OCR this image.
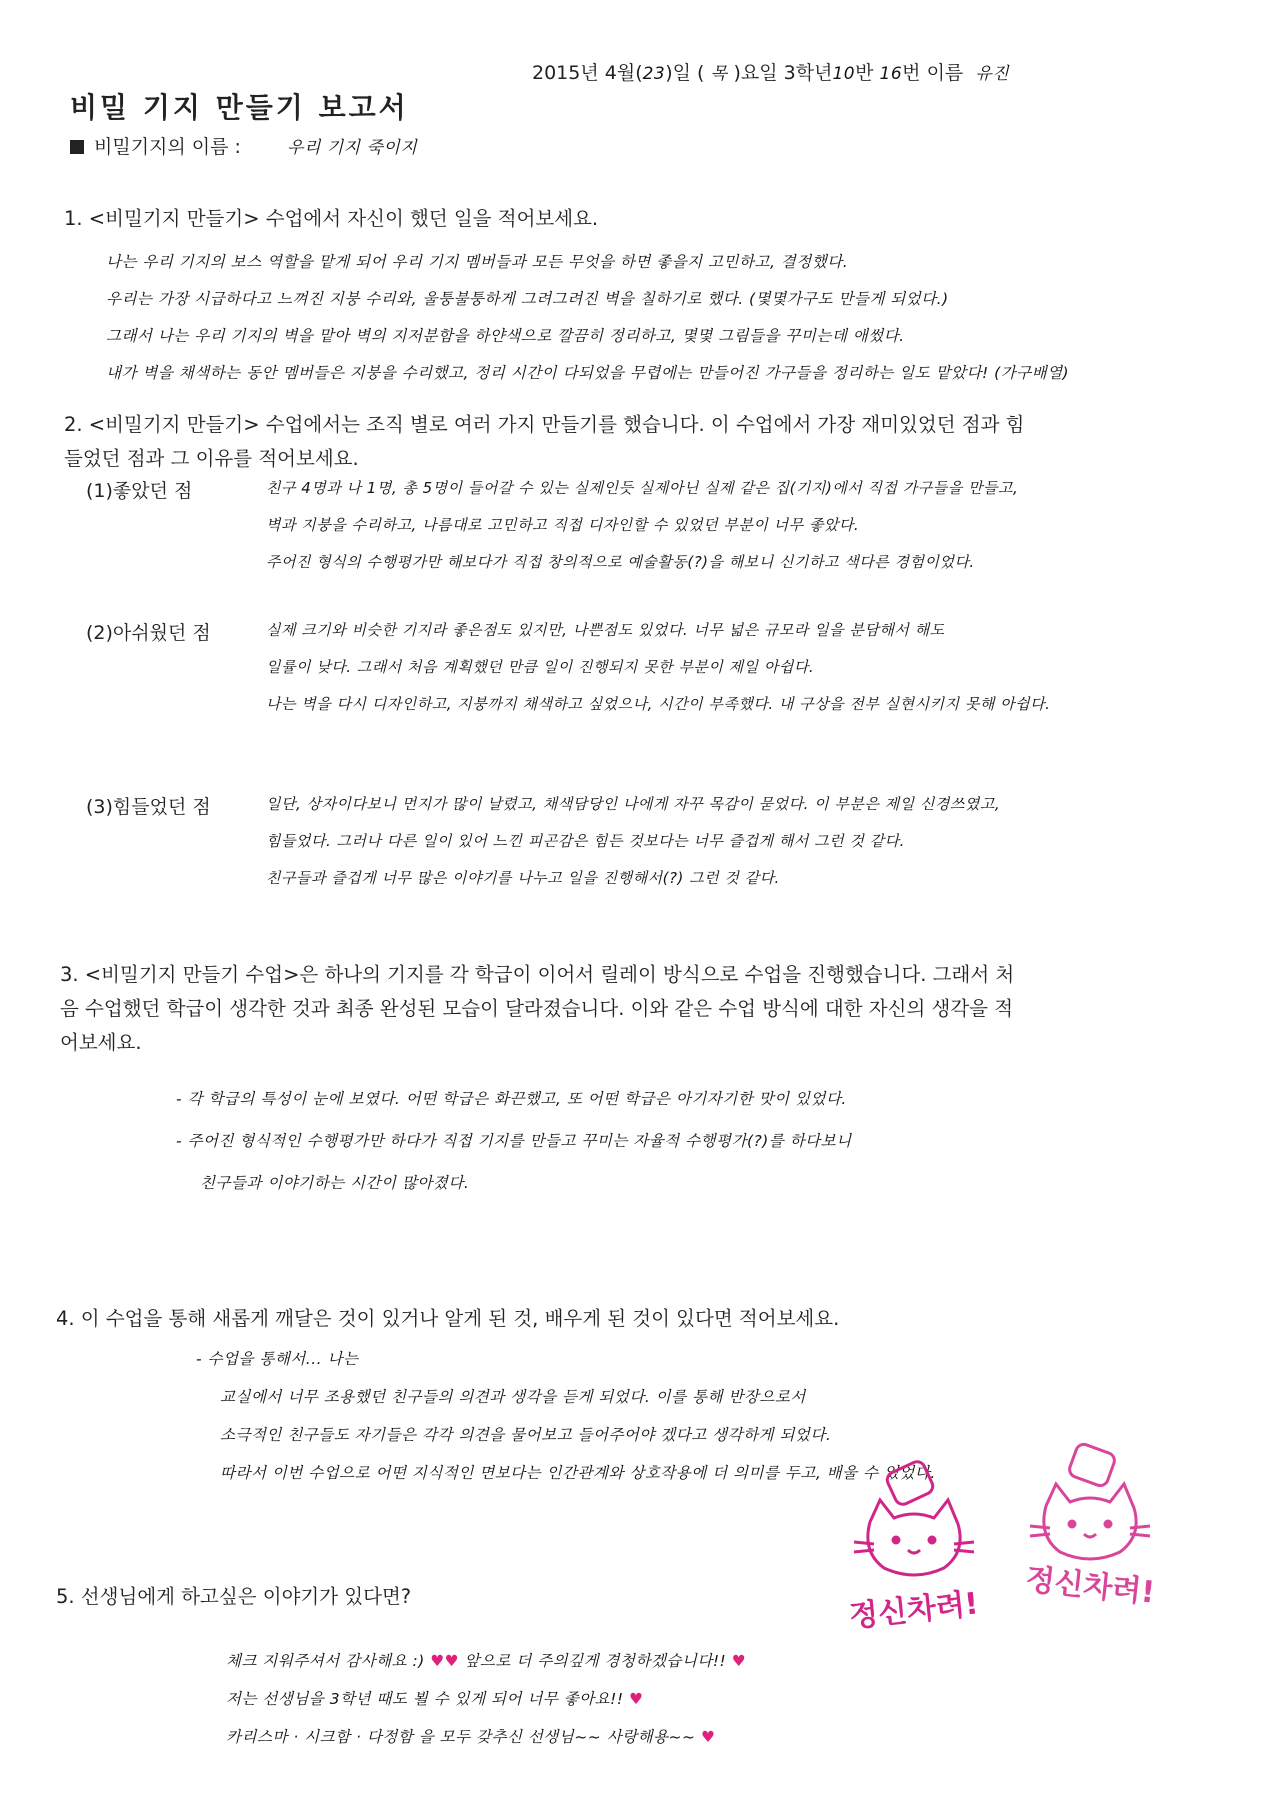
2015년 4월(23)일 ( 목 )요일 3학년10반 16번 이름 유진
비밀 기지 만들기 보고서
비밀기지의 이름 :	우리 기지 죽이지
1. <비밀기지 만들기> 수업에서 자신이 했던 일을 적어보세요.
나는 우리 기지의 보스 역할을 맡게 되어 우리 기지 멤버들과 모든 무엇을 하면 좋을지 고민하고, 결정했다.
우리는 가장 시급하다고 느껴진 지붕 수리와, 울퉁불퉁하게 그려그려진 벽을 칠하기로 했다. (몇몇가구도 만들게 되었다.)
그래서 나는 우리 기지의 벽을 맡아 벽의 지저분함을 하얀색으로 깔끔히 정리하고, 몇몇 그림들을 꾸미는데 애썼다.
내가 벽을 채색하는 동안 멤버들은 지붕을 수리했고, 정리 시간이 다되었을 무렵에는 만들어진 가구들을 정리하는 일도 맡았다! (가구배열)
2. <비밀기지 만들기> 수업에서는 조직 별로 여러 가지 만들기를 했습니다. 이 수업에서 가장 재미있었던 점과 힘
들었던 점과 그 이유를 적어보세요.
(1)좋았던 점	친구 4명과 나 1명, 총 5명이 들어갈 수 있는 실제인듯 실제아닌 실제 같은 집(기지)에서 직접 가구들을 만들고,
벽과 지붕을 수리하고, 나름대로 고민하고 직접 디자인할 수 있었던 부분이 너무 좋았다.
주어진 형식의 수행평가만 해보다가 직접 창의적으로 예술활동(?)을 해보니 신기하고 색다른 경험이었다.
(2)아쉬웠던 점	실제 크기와 비슷한 기지라 좋은점도 있지만, 나쁜점도 있었다. 너무 넓은 규모라 일을 분담해서 해도
일률이 낮다. 그래서 처음 계획했던 만큼 일이 진행되지 못한 부분이 제일 아쉽다.
나는 벽을 다시 디자인하고, 지붕까지 채색하고 싶었으나, 시간이 부족했다. 내 구상을 전부 실현시키지 못해 아쉽다.
(3)힘들었던 점	일단, 상자이다보니 먼지가 많이 날렸고, 채색담당인 나에게 자꾸 목감이 묻었다. 이 부분은 제일 신경쓰였고,
힘들었다. 그러나 다른 일이 있어 느낀 피곤감은 힘든 것보다는 너무 즐겁게 해서 그런 것 같다.
친구들과 즐겁게 너무 많은 이야기를 나누고 일을 진행해서(?) 그런 것 같다.
3. <비밀기지 만들기 수업>은 하나의 기지를 각 학급이 이어서 릴레이 방식으로 수업을 진행했습니다. 그래서 처
음 수업했던 학급이 생각한 것과 최종 완성된 모습이 달라졌습니다. 이와 같은 수업 방식에 대한 자신의 생각을 적
어보세요.
- 각 학급의 특성이 눈에 보였다. 어떤 학급은 화끈했고, 또 어떤 학급은 아기자기한 맛이 있었다.
- 주어진 형식적인 수행평가만 하다가 직접 기지를 만들고 꾸미는 자율적 수행평가(?)를 하다보니
친구들과 이야기하는 시간이 많아졌다.
4. 이 수업을 통해 새롭게 깨달은 것이 있거나 알게 된 것, 배우게 된 것이 있다면 적어보세요.
- 수업을 통해서... 나는
교실에서 너무 조용했던 친구들의 의견과 생각을 듣게 되었다. 이를 통해 반장으로서
소극적인 친구들도 자기들은 각각 의견을 물어보고 들어주어야 겠다고 생각하게 되었다.
따라서 이번 수업으로 어떤 지식적인 면보다는 인간관계와 상호작용에 더 의미를 두고, 배울 수 있었다.
정신차려! 정신차려!
5. 선생님에게 하고싶은 이야기가 있다면?
체크 지워주셔서 감사해요 :) ♥♥ 앞으로 더 주의깊게 경청하겠습니다!! ♥
저는 선생님을 3학년 때도 뵐 수 있게 되어 너무 좋아요!! ♥
카리스마 · 시크함 · 다정함 을 모두 갖추신 선생님~~ 사랑해용~~ ♥
